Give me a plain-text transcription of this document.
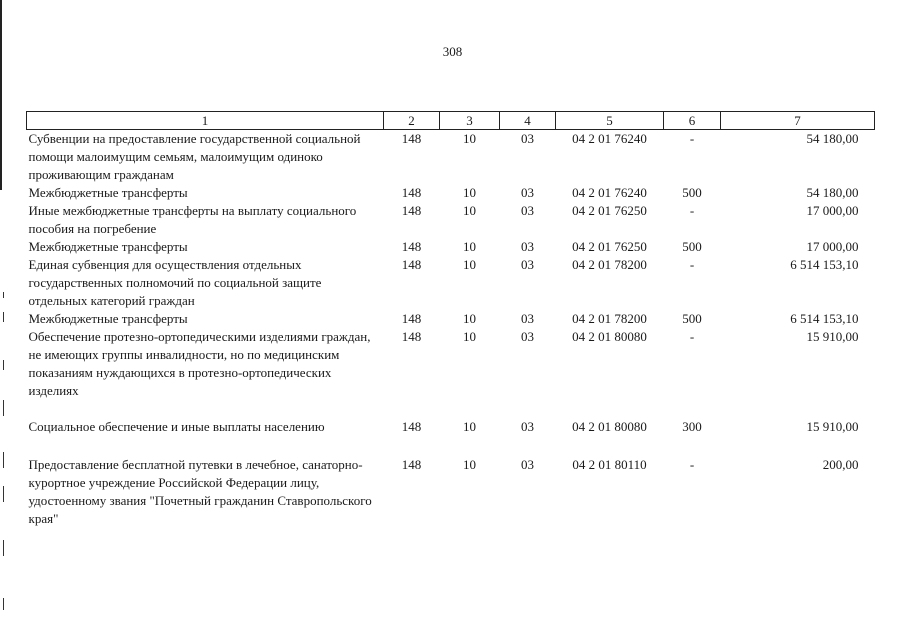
308
1	2	3	4	5	6	7
Субвенции на предоставление государственной социальной помощи малоимущим семьям, малоимущим одиноко проживающим гражданам	148	10	03	04 2 01 76240	-	54 180,00
Межбюджетные трансферты	148	10	03	04 2 01 76240	500	54 180,00
Иные межбюджетные трансферты на выплату социального пособия на погребение	148	10	03	04 2 01 76250	-	17 000,00
Межбюджетные трансферты	148	10	03	04 2 01 76250	500	17 000,00
Единая субвенция для осуществления отдельных государственных полномочий по социальной защите отдельных категорий граждан	148	10	03	04 2 01 78200	-	6 514 153,10
Межбюджетные трансферты	148	10	03	04 2 01 78200	500	6 514 153,10
Обеспечение протезно-ортопедическими изделиями граждан, не имеющих группы инвалидности, но по медицинским показаниям нуждающихся в протезно-ортопедических изделиях	148	10	03	04 2 01 80080	-	15 910,00
Социальное обеспечение и иные выплаты населению	148	10	03	04 2 01 80080	300	15 910,00
Предоставление бесплатной путевки в лечебное, санаторно-курортное учреждение Российской Федерации лицу, удостоенному звания "Почетный гражданин Ставропольского края"	148	10	03	04 2 01 80110	-	200,00
